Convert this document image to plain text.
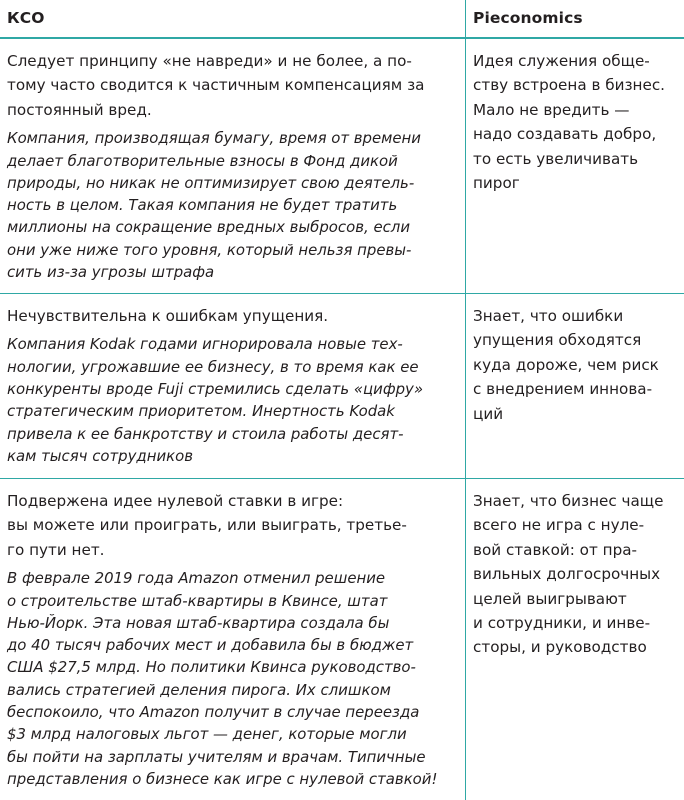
КСО	Pieconomics
Следует принципу «не навреди» и не более, а по-
тому часто сводится к частичным компенсациям за
постоянный вред.
Компания, производящая бумагу, время от времени
делает благотворительные взносы в Фонд дикой
природы, но никак не оптимизирует свою деятель-
ность в целом. Такая компания не будет тратить
миллионы на сокращение вредных выбросов, если
они уже ниже того уровня, который нельзя превы-
сить из-за угрозы штрафа
Идея служения обще-
ству встроена в бизнес.
Мало не вредить —
надо создавать добро,
то есть увеличивать
пирог
Нечувствительна к ошибкам упущения.
Компания Kodak годами игнорировала новые тех-
нологии, угрожавшие ее бизнесу, в то время как ее
конкуренты вроде Fuji стремились сделать «цифру»
стратегическим приоритетом. Инертность Kodak
привела к ее банкротству и стоила работы десят-
кам тысяч сотрудников
Знает, что ошибки
упущения обходятся
куда дороже, чем риск
с внедрением иннова-
ций
Подвержена идее нулевой ставки в игре:
вы можете или проиграть, или выиграть, третье-
го пути нет.
В феврале 2019 года Amazon отменил решение
о строительстве штаб-квартиры в Квинсе, штат
Нью-Йорк. Эта новая штаб-квартира создала бы
до 40 тысяч рабочих мест и добавила бы в бюджет
США $27,5 млрд. Но политики Квинса руководство-
вались стратегией деления пирога. Их слишком
беспокоило, что Amazon получит в случае переезда
$3 млрд налоговых льгот — денег, которые могли
бы пойти на зарплаты учителям и врачам. Типичные
представления о бизнесе как игре с нулевой ставкой!
Знает, что бизнес чаще
всего не игра с нуле-
вой ставкой: от пра-
вильных долгосрочных
целей выигрывают
и сотрудники, и инве-
сторы, и руководство
